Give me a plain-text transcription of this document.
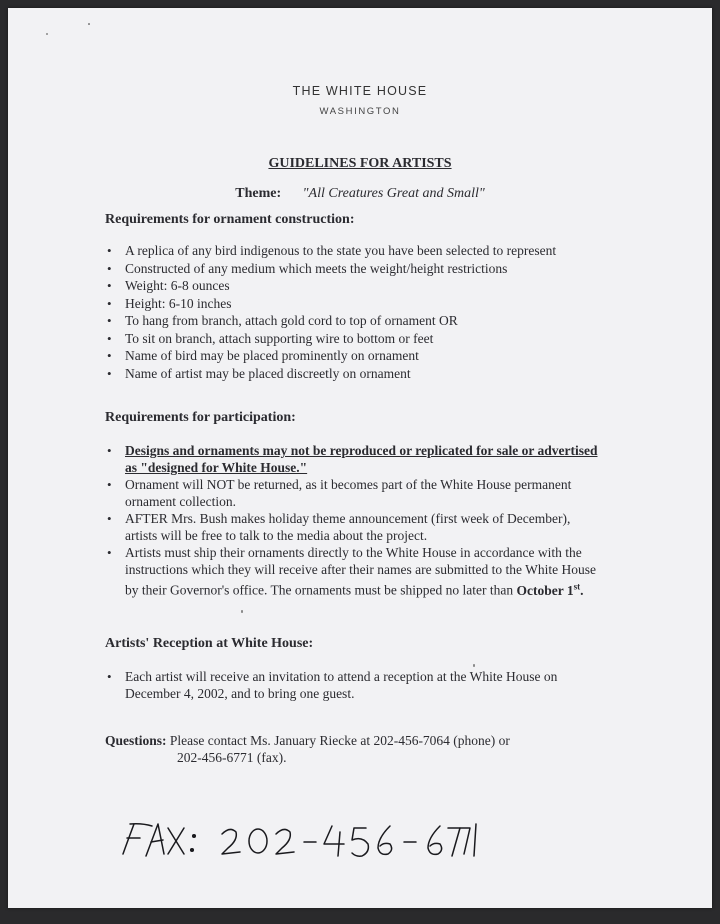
THE WHITE HOUSE
WASHINGTON
GUIDELINES FOR ARTISTS
Theme: "All Creatures Great and Small"
Requirements for ornament construction:
• A replica of any bird indigenous to the state you have been selected to represent
• Constructed of any medium which meets the weight/height restrictions
• Weight: 6-8 ounces
• Height: 6-10 inches
• To hang from branch, attach gold cord to top of ornament OR
• To sit on branch, attach supporting wire to bottom or feet
• Name of bird may be placed prominently on ornament
• Name of artist may be placed discreetly on ornament
Requirements for participation:
• Designs and ornaments may not be reproduced or replicated for sale or advertised as "designed for White House."
• Ornament will NOT be returned, as it becomes part of the White House permanent ornament collection.
• AFTER Mrs. Bush makes holiday theme announcement (first week of December), artists will be free to talk to the media about the project.
• Artists must ship their ornaments directly to the White House in accordance with the instructions which they will receive after their names are submitted to the White House by their Governor's office. The ornaments must be shipped no later than October 1st.
Artists' Reception at White House:
• Each artist will receive an invitation to attend a reception at the White House on December 4, 2002, and to bring one guest.
Questions: Please contact Ms. January Riecke at 202-456-7064 (phone) or
202-456-6771 (fax).
